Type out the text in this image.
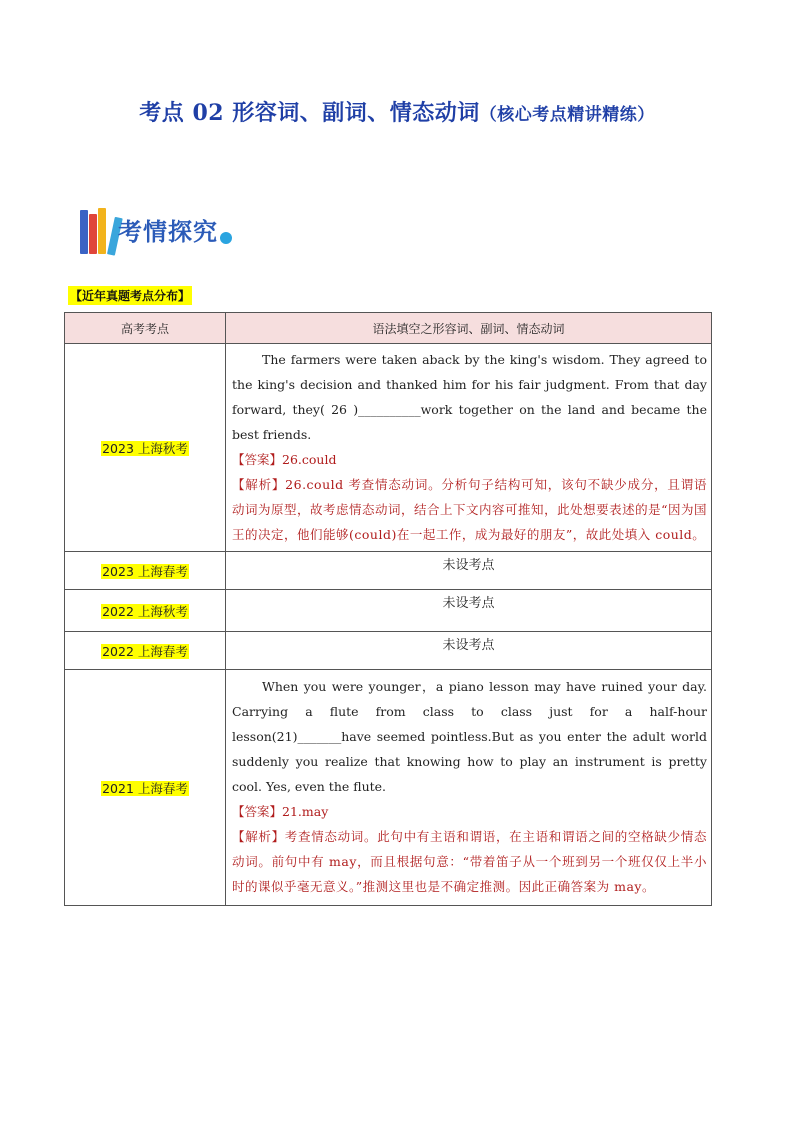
考点 02 形容词、副词、情态动词（核心考点精讲精练）
考情探究
【近年真题考点分布】
高考考点	语法填空之形容词、副词、情态动词
2023 上海秋考	The farmers were taken aback by the king's wisdom. They agreed to the king's decision and thanked him for his fair judgment. From that day forward, they( 26 )__________work together on the land and became the best friends.
【答案】26.could
【解析】26.could 考查情态动词。分析句子结构可知，该句不缺少成分，且谓语动词为原型，故考虑情态动词，结合上下文内容可推知，此处想要表述的是“因为国王的决定，他们能够(could)在一起工作，成为最好的朋友”，故此处填入 could。

2023 上海春考	未设考点
2022 上海秋考	未设考点
2022 上海春考	未设考点
2021 上海春考	When you were younger，a piano lesson may have ruined your day. Carrying a flute from class to class just for a half-hour lesson(21)_______have seemed pointless.But as you enter the adult world suddenly you realize that knowing how to play an instrument is pretty cool. Yes, even the flute.
【答案】21.may
【解析】考查情态动词。此句中有主语和谓语，在主语和谓语之间的空格缺少情态动词。前句中有 may，而且根据句意：“带着笛子从一个班到另一个班仅仅上半小时的课似乎毫无意义。”推测这里也是不确定推测。因此正确答案为 may。
